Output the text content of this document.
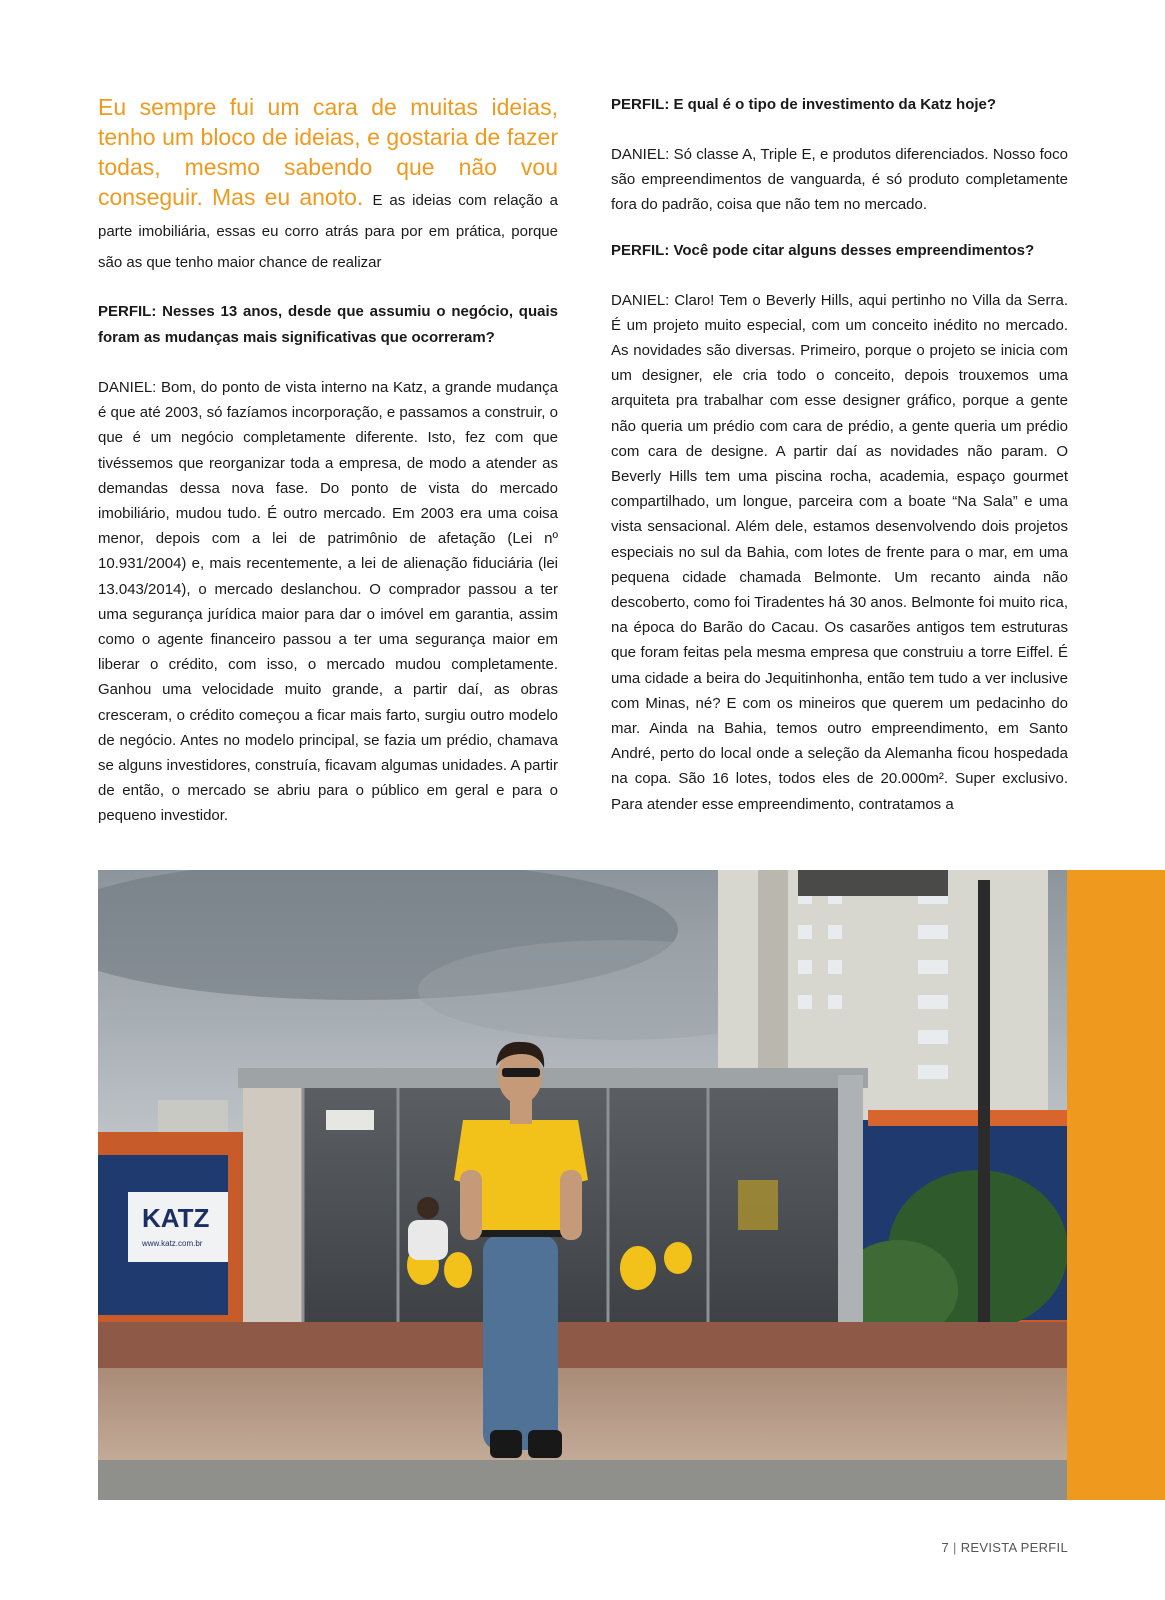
Eu sempre fui um cara de muitas ideias, tenho um bloco de ideias, e gostaria de fazer todas, mesmo sabendo que não vou conseguir. Mas eu anoto. E as ideias com relação a parte imobiliária, essas eu corro atrás para por em prática, porque são as que tenho maior chance de realizar

PERFIL: Nesses 13 anos, desde que assumiu o negócio, quais foram as mudanças mais significativas que ocorreram?

DANIEL: Bom, do ponto de vista interno na Katz, a grande mudança é que até 2003, só fazíamos incorporação, e passamos a construir, o que é um negócio completamente diferente. Isto, fez com que tivéssemos que reorganizar toda a empresa, de modo a atender as demandas dessa nova fase. Do ponto de vista do mercado imobiliário, mudou tudo. É outro mercado. Em 2003 era uma coisa menor, depois com a lei de patrimônio de afetação (Lei nº 10.931/2004) e, mais recentemente, a lei de alienação fiduciária (lei 13.043/2014), o mercado deslanchou. O comprador passou a ter uma segurança jurídica maior para dar o imóvel em garantia, assim como o agente financeiro passou a ter uma segurança maior em liberar o crédito, com isso, o mercado mudou completamente. Ganhou uma velocidade muito grande, a partir daí, as obras cresceram, o crédito começou a ficar mais farto, surgiu outro modelo de negócio. Antes no modelo principal, se fazia um prédio, chamava se alguns investidores, construía, ficavam algumas unidades. A partir de então, o mercado se abriu para o público em geral e para o pequeno investidor.

PERFIL: E qual é o tipo de investimento da Katz hoje?

DANIEL: Só classe A, Triple E, e produtos diferenciados. Nosso foco são empreendimentos de vanguarda, é só produto completamente fora do padrão, coisa que não tem no mercado.

PERFIL: Você pode citar alguns desses empreendimentos?

DANIEL: Claro! Tem o Beverly Hills, aqui pertinho no Villa da Serra. É um projeto muito especial, com um conceito inédito no mercado. As novidades são diversas. Primeiro, porque o projeto se inicia com um designer, ele cria todo o conceito, depois trouxemos uma arquiteta pra trabalhar com esse designer gráfico, porque a gente não queria um prédio com cara de prédio, a gente queria um prédio com cara de designe. A partir daí as novidades não param. O Beverly Hills tem uma piscina rocha, academia, espaço gourmet compartilhado, um longue, parceira com a boate “Na Sala” e uma vista sensacional. Além dele, estamos desenvolvendo dois projetos especiais no sul da Bahia, com lotes de frente para o mar, em uma pequena cidade chamada Belmonte. Um recanto ainda não descoberto, como foi Tiradentes há 30 anos. Belmonte foi muito rica, na época do Barão do Cacau. Os casarões antigos tem estruturas que foram feitas pela mesma empresa que construiu a torre Eiffel. É uma cidade a beira do Jequitinhonha, então tem tudo a ver inclusive com Minas, né? E com os mineiros que querem um pedacinho do mar. Ainda na Bahia, temos outro empreendimento, em Santo André, perto do local onde a seleção da Alemanha ficou hospedada na copa. São 16 lotes, todos eles de 20.000m². Super exclusivo. Para atender esse empreendimento, contratamos a

KATZ
www.katz.com.br
7 | REVISTA PERFIL
